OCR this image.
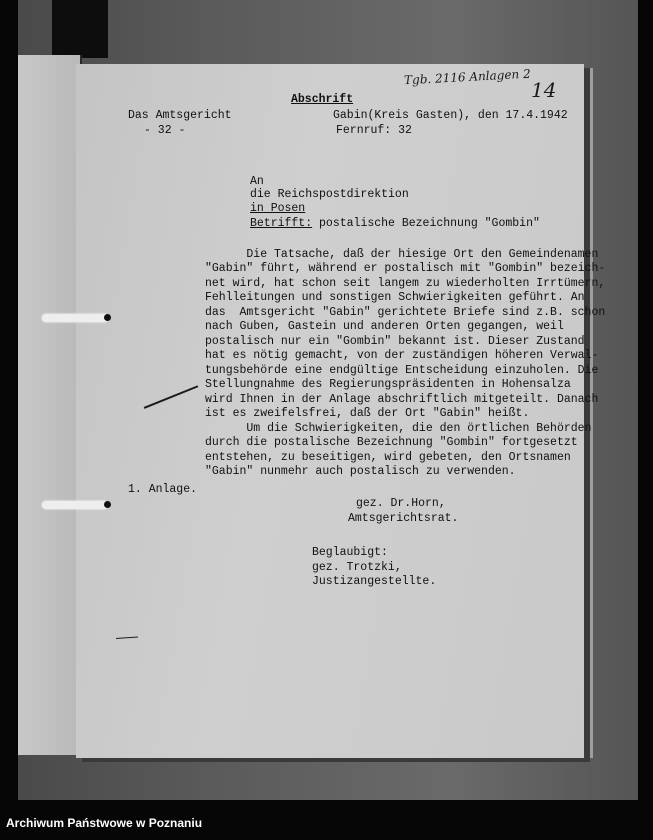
Das Amtsgericht
- 32 -
Abschrift
Gabin(Kreis Gasten), den 17.4.1942
Fernruf: 32
Tgb. 2116 Anlagen 2
14
An
die Reichspostdirektion
in Posen
Betrifft: postalische Bezeichnung "Gombin"
Die Tatsache, daß der hiesige Ort den Gemeindenamen
"Gabin" führt, während er postalisch mit "Gombin" bezeich-
net wird, hat schon seit langem zu wiederholten Irrtümern,
Fehlleitungen und sonstigen Schwierigkeiten geführt. An
das  Amtsgericht "Gabin" gerichtete Briefe sind z.B. schon
nach Guben, Gastein und anderen Orten gegangen, weil
postalisch nur ein "Gombin" bekannt ist. Dieser Zustand
hat es nötig gemacht, von der zuständigen höheren Verwal-
tungsbehörde eine endgültige Entscheidung einzuholen. Die
Stellungnahme des Regierungspräsidenten in Hohensalza
wird Ihnen in der Anlage abschriftlich mitgeteilt. Danach
ist es zweifelsfrei, daß der Ort "Gabin" heißt.
Um die Schwierigkeiten, die den örtlichen Behörden
durch die postalische Bezeichnung "Gombin" fortgesetzt
entstehen, zu beseitigen, wird gebeten, den Ortsnamen
"Gabin" nunmehr auch postalisch zu verwenden.
1. Anlage.
gez. Dr.Horn,
Amtsgerichtsrat.
Beglaubigt:
gez. Trotzki,
Justizangestellte.
Archiwum Państwowe w Poznaniu
